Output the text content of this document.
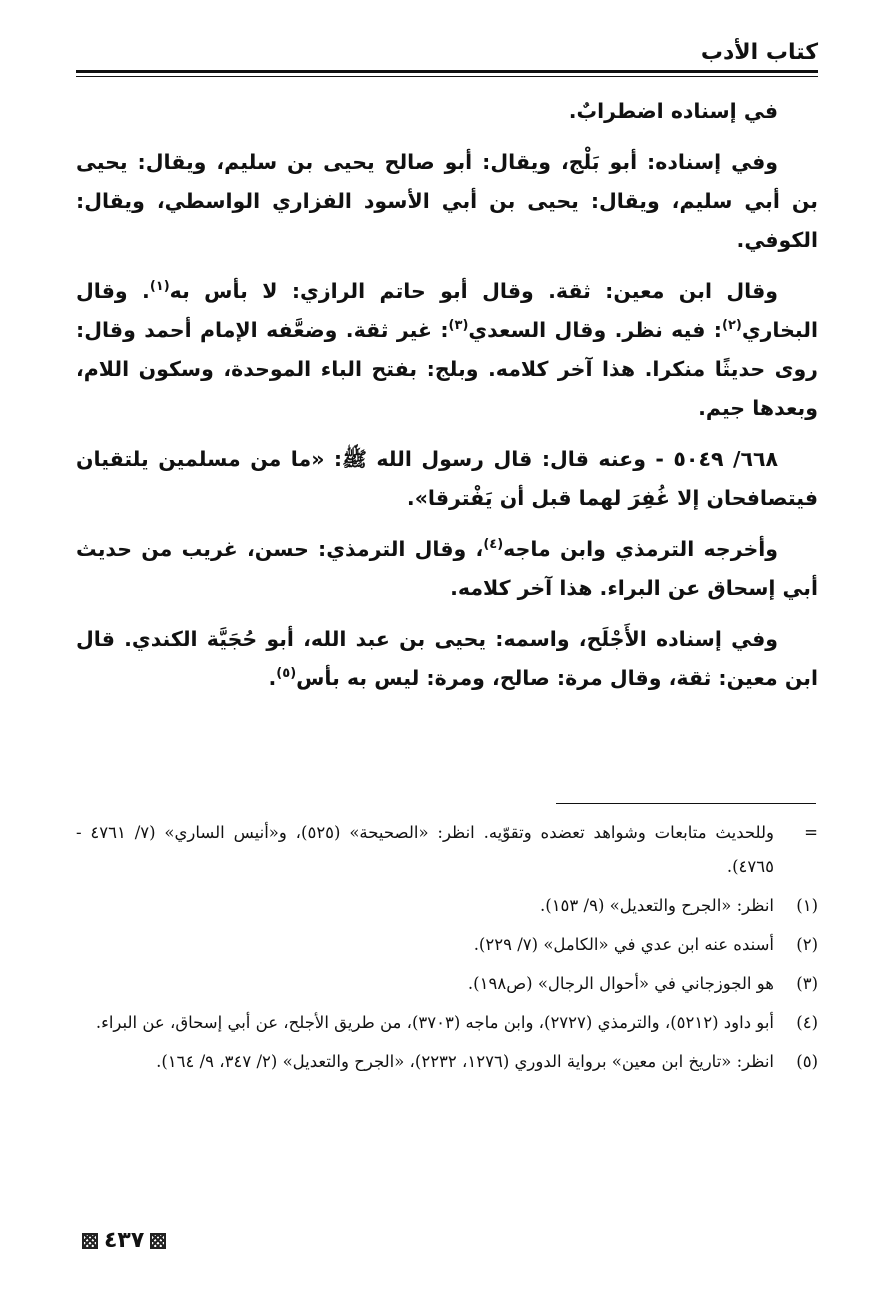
كتاب الأدب

في إسناده اضطرابٌ.

وفي إسناده: أبو بَلْج، ويقال: أبو صالح يحيى بن سليم، ويقال: يحيى بن أبي سليم، ويقال: يحيى بن أبي الأسود الفزاري الواسطي، ويقال: الكوفي.

وقال ابن معين: ثقة. وقال أبو حاتم الرازي: لا بأس به$^{(١)}$. وقال البخاري$^{(٢)}$: فيه نظر. وقال السعدي$^{(٣)}$: غير ثقة. وضعَّفه الإمام أحمد وقال: روى حديثًا منكرا. هذا آخر كلامه. وبلج: بفتح الباء الموحدة، وسكون اللام، وبعدها جيم.

٦٦٨/ ٥٠٤٩ - وعنه قال: قال رسول الله ﷺ: «ما من مسلمين يلتقيان فيتصافحان إلا غُفِرَ لهما قبل أن يَفْترقا».

وأخرجه الترمذي وابن ماجه$^{(٤)}$، وقال الترمذي: حسن، غريب من حديث أبي إسحاق عن البراء. هذا آخر كلامه.

وفي إسناده الأَجْلَح، واسمه: يحيى بن عبد الله، أبو حُجَيَّة الكندي. قال ابن معين: ثقة، وقال مرة: صالح، ومرة: ليس به بأس$^{(٥)}$.

=
وللحديث متابعات وشواهد تعضده وتقوّيه. انظر: «الصحيحة» (٥٢٥)، و«أنيس الساري» (٧/ ٤٧٦١ - ٤٧٦٥).
(١)
انظر: «الجرح والتعديل» (٩/ ١٥٣).
(٢)
أسنده عنه ابن عدي في «الكامل» (٧/ ٢٢٩).
(٣)
هو الجوزجاني في «أحوال الرجال» (ص١٩٨).
(٤)
أبو داود (٥٢١٢)، والترمذي (٢٧٢٧)، وابن ماجه (٣٧٠٣)، من طريق الأجلح، عن أبي إسحاق، عن البراء.
(٥)
انظر: «تاريخ ابن معين» برواية الدوري (١٢٧٦، ٢٢٣٢)، «الجرح والتعديل» (٢/ ٣٤٧، ٩/ ١٦٤).
٤٣٧
